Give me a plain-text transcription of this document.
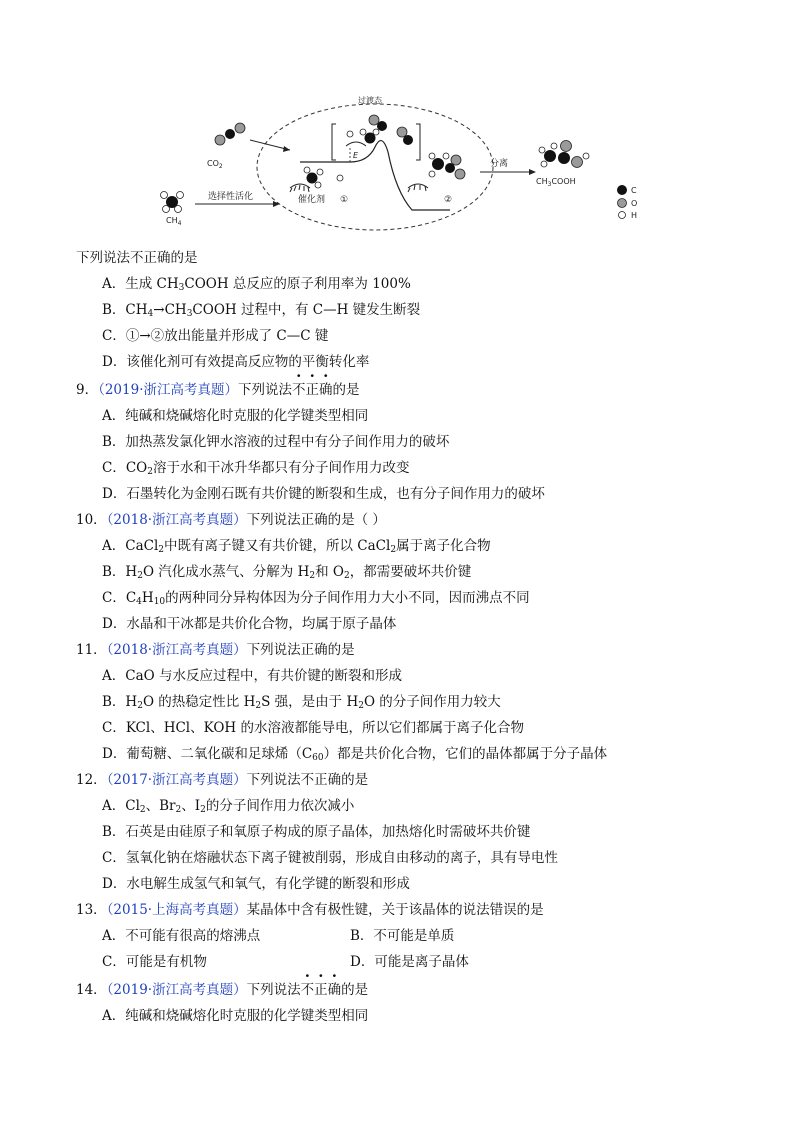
过渡态
$CO_2$
$CH_4$
选择性活化	催化剂 ①
E
②
分离
$CH_3COOH$
C
O
H
下列说法不正确的是
A．生成 $CH_3COOH$ 总反应的原子利用率为 100%
B．$CH_4\to CH_3COOH$ 过程中，有 C—H 键发生断裂
C．①→②放出能量并形成了 C—C 键
D．该催化剂可有效提高反应物的平衡转化率
9．（2019·浙江高考真题）下列说法不正确的是
A．纯碱和烧碱熔化时克服的化学键类型相同
B．加热蒸发氯化钾水溶液的过程中有分子间作用力的破坏
C．$CO_2$溶于水和干冰升华都只有分子间作用力改变
D．石墨转化为金刚石既有共价键的断裂和生成，也有分子间作用力的破坏
10．（2018·浙江高考真题）下列说法正确的是（ ）
A．CaCl$_2$中既有离子键又有共价键，所以 CaCl$_2$属于离子化合物
B．$H_2O$ 汽化成水蒸气、分解为 $H_2$和 $O_2$，都需要破坏共价键
C．$C_4H_{10}$的两种同分异构体因为分子间作用力大小不同，因而沸点不同
D．水晶和干冰都是共价化合物，均属于原子晶体
11．（2018·浙江高考真题）下列说法正确的是
A．CaO 与水反应过程中，有共价键的断裂和形成
B．$H_2O$ 的热稳定性比 $H_2S$ 强，是由于 $H_2O$ 的分子间作用力较大
C．KCl、HCl、KOH 的水溶液都能导电，所以它们都属于离子化合物
D．葡萄糖、二氧化碳和足球烯$(C_{60})$都是共价化合物，它们的晶体都属于分子晶体
12．（2017·浙江高考真题）下列说法不正确的是
A．$Cl_2$、$Br_2$、$I_2$的分子间作用力依次减小
B．石英是由硅原子和氧原子构成的原子晶体，加热熔化时需破坏共价键
C．氢氧化钠在熔融状态下离子键被削弱，形成自由移动的离子，具有导电性
D．水电解生成氢气和氧气，有化学键的断裂和形成
13．（2015·上海高考真题）某晶体中含有极性键，关于该晶体的说法错误的是
A．不可能有很高的熔沸点	B．不可能是单质
C．可能是有机物	D．可能是离子晶体
14．（2019·浙江高考真题）下列说法不正确的是
A．纯碱和烧碱熔化时克服的化学键类型相同
